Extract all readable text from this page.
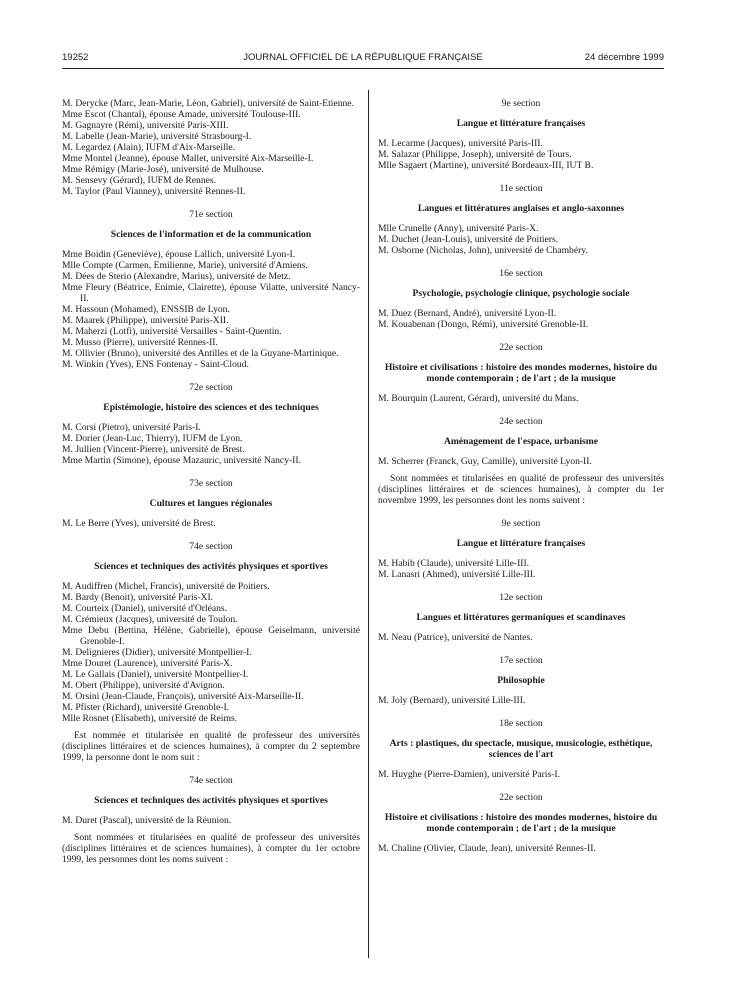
19252	JOURNAL OFFICIEL DE LA RÉPUBLIQUE FRANÇAISE	24 décembre 1999
M. Derycke (Marc, Jean-Marie, Léon, Gabriel), université de Saint-Etienne.
Mme Escot (Chantal), épouse Amade, université Toulouse-III.
M. Gagnayre (Rémi), université Paris-XIII.
M. Labelle (Jean-Marie), université Strasbourg-I.
M. Legardez (Alain), IUFM d'Aix-Marseille.
Mme Montel (Jeanne), épouse Mallet, université Aix-Marseille-I.
Mme Rémigy (Marie-José), université de Mulhouse.
M. Sensevy (Gérard), IUFM de Rennes.
M. Taylor (Paul Vianney), université Rennes-II.
71e section
Sciences de l'information et de la communication
Mme Boidin (Geneviève), épouse Lallich, université Lyon-I.
Mlle Compte (Carmen, Emilienne, Marie), université d'Amiens.
M. Dées de Sterio (Alexandre, Marius), université de Metz.
Mme Fleury (Béatrice, Enimie, Clairette), épouse Vilatte, université Nancy-II.
M. Hassoun (Mohamed), ENSSIB de Lyon.
M. Maarek (Philippe), université Paris-XII.
M. Maherzi (Lotfi), université Versailles - Saint-Quentin.
M. Musso (Pierre), université Rennes-II.
M. Ollivier (Bruno), université des Antilles et de la Guyane-Martinique.
M. Winkin (Yves), ENS Fontenay - Saint-Cloud.
72e section
Epistémologie, histoire des sciences et des techniques
M. Corsi (Pietro), université Paris-I.
M. Dorier (Jean-Luc, Thierry), IUFM de Lyon.
M. Jullien (Vincent-Pierre), université de Brest.
Mme Martin (Simone), épouse Mazauric, université Nancy-II.
73e section
Cultures et langues régionales
M. Le Berre (Yves), université de Brest.
74e section
Sciences et techniques des activités physiques et sportives
M. Audiffren (Michel, Francis), université de Poitiers.
M. Bardy (Benoit), université Paris-XI.
M. Courteix (Daniel), université d'Orléans.
M. Crémieux (Jacques), université de Toulon.
Mme Debu (Bettina, Hélène, Gabrielle), épouse Geiselmann, université Grenoble-I.
M. Delignieres (Didier), université Montpellier-I.
Mme Douret (Laurence), université Paris-X.
M. Le Gallais (Daniel), université Montpellier-I.
M. Obert (Philippe), université d'Avignon.
M. Orsini (Jean-Claude, François), université Aix-Marseille-II.
M. Pfister (Richard), université Grenoble-I.
Mlle Rosnet (Elisabeth), université de Reims.
Est nommée et titularisée en qualité de professeur des universités (disciplines littéraires et de sciences humaines), à compter du 2 septembre 1999, la personne dont le nom suit :
74e section
Sciences et techniques des activités physiques et sportives
M. Duret (Pascal), université de la Réunion.
Sont nommées et titularisées en qualité de professeur des universités (disciplines littéraires et de sciences humaines), à compter du 1er octobre 1999, les personnes dont les noms suivent :
9e section
Langue et littérature françaises
M. Lecarme (Jacques), université Paris-III.
M. Salazar (Philippe, Joseph), université de Tours.
Mlle Sagaert (Martine), université Bordeaux-III, IUT B.
11e section
Langues et littératures anglaises et anglo-saxonnes
Mlle Crunelle (Anny), université Paris-X.
M. Duchet (Jean-Louis), université de Poitiers.
M. Osborne (Nicholas, John), université de Chambéry.
16e section
Psychologie, psychologie clinique, psychologie sociale
M. Duez (Bernard, André), université Lyon-II.
M. Kouabenan (Dongo, Rémi), université Grenoble-II.
22e section
Histoire et civilisations : histoire des mondes modernes, histoire du monde contemporain ; de l'art ; de la musique
M. Bourquin (Laurent, Gérard), université du Mans.
24e section
Aménagement de l'espace, urbanisme
M. Scherrer (Franck, Guy, Camille), université Lyon-II.
Sont nommées et titularisées en qualité de professeur des universités (disciplines littéraires et de sciences humaines), à compter du 1er novembre 1999, les personnes dont les noms suivent :
9e section
Langue et littérature françaises
M. Habib (Claude), université Lille-III.
M. Lanasri (Ahmed), université Lille-III.
12e section
Langues et littératures germaniques et scandinaves
M. Neau (Patrice), université de Nantes.
17e section
Philosophie
M. Joly (Bernard), université Lille-III.
18e section
Arts : plastiques, du spectacle, musique, musicologie, esthétique, sciences de l'art
M. Huyghe (Pierre-Damien), université Paris-I.
22e section
Histoire et civilisations : histoire des mondes modernes, histoire du monde contemporain ; de l'art ; de la musique
M. Chaline (Olivier, Claude, Jean), université Rennes-II.
